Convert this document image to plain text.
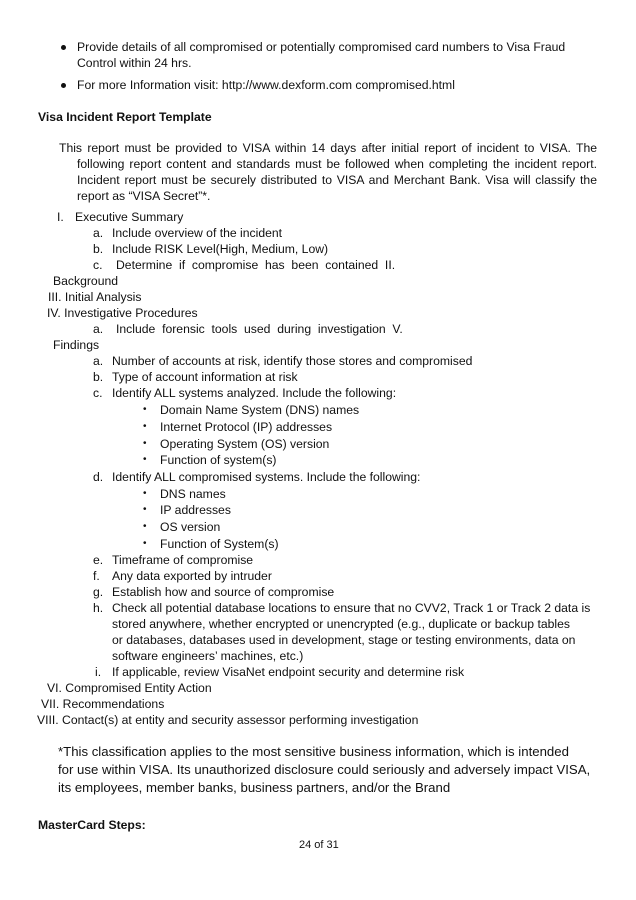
Provide details of all compromised or potentially compromised card numbers to Visa Fraud
Control within 24 hrs.
For more Information visit: http://www.dexform.com compromised.html
Visa Incident Report Template
This report must be provided to VISA within 14 days after initial report of incident to VISA. The
following report content and standards must be followed when completing the incident report.
Incident report must be securely distributed to VISA and Merchant Bank. Visa will classify the
report as “VISA Secret”*.
I. Executive Summary
a. Include overview of the incident
b. Include RISK Level(High, Medium, Low)
c. Determine  if  compromise  has  been  contained  II.
Background
III. Initial Analysis
IV. Investigative Procedures
a. Include  forensic  tools  used  during  investigation  V.
Findings
a. Number of accounts at risk, identify those stores and compromised
b. Type of account information at risk
c. Identify ALL systems analyzed. Include the following:
• Domain Name System (DNS) names
• Internet Protocol (IP) addresses
• Operating System (OS) version
• Function of system(s)
d. Identify ALL compromised systems. Include the following:
• DNS names
• IP addresses
• OS version
• Function of System(s)
e. Timeframe of compromise
f. Any data exported by intruder
g. Establish how and source of compromise
h. Check all potential database locations to ensure that no CVV2, Track 1 or Track 2 data is
stored anywhere, whether encrypted or unencrypted (e.g., duplicate or backup tables
or databases, databases used in development, stage or testing environments, data on
software engineers’ machines, etc.)
i. If applicable, review VisaNet endpoint security and determine risk
VI. Compromised Entity Action
VII. Recommendations
VIII. Contact(s) at entity and security assessor performing investigation
*This classification applies to the most sensitive business information, which is intended
for use within VISA. Its unauthorized disclosure could seriously and adversely impact VISA,
its employees, member banks, business partners, and/or the Brand
MasterCard Steps:
24 of 31
